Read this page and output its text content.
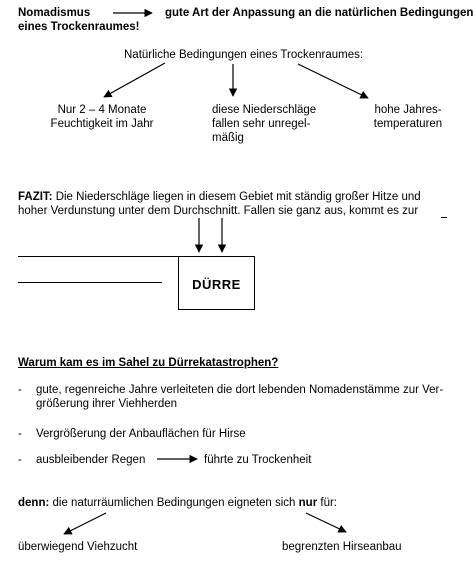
Nomadismus	gute Art der Anpassung an die natürlichen Bedingungen
eines Trockenraumes!
Natürliche Bedingungen eines Trockenraumes:
Nur 2 – 4 Monate
Feuchtigkeit im Jahr
diese Niederschläge
fallen sehr unregel-
mäßig
hohe Jahres-
temperaturen
FAZIT: Die Niederschläge liegen in diesem Gebiet mit ständig großer Hitze und
hoher Verdunstung unter dem Durchschnitt. Fallen sie ganz aus, kommt es zur
DÜRRE
Warum kam es im Sahel zu Dürrekatastrophen?
- gute, regenreiche Jahre verleiteten die dort lebenden Nomadenstämme zur Ver-
größerung ihrer Viehherden
- Vergrößerung der Anbauflächen für Hirse
- ausbleibender Regen	führte zu Trockenheit
denn: die naturräumlichen Bedingungen eigneten sich nur für:
überwiegend Viehzucht	begrenzten Hirseanbau
